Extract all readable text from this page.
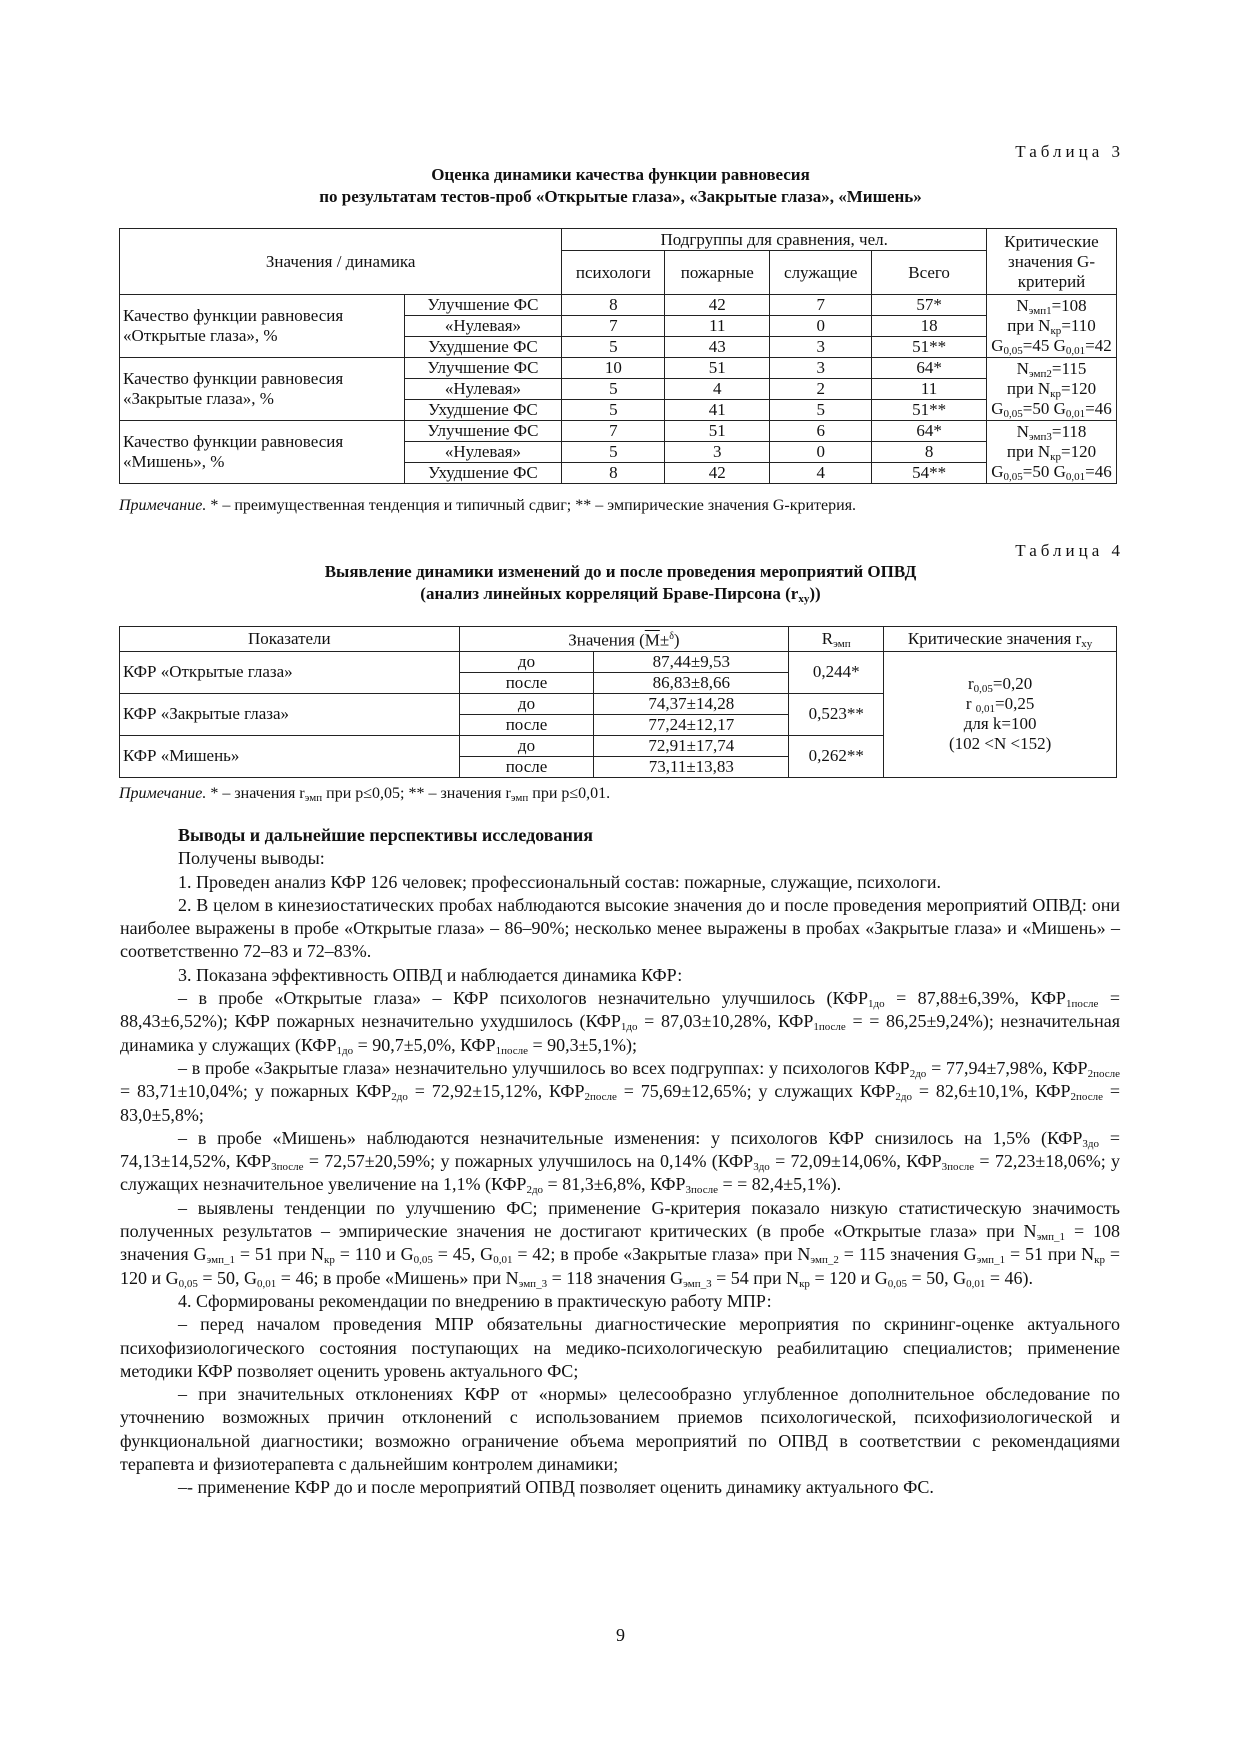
Таблица 3
Оценка динамики качества функции равновесия
по результатам тестов-проб «Открытые глаза», «Закрытые глаза», «Мишень»
Значения / динамика		Подгруппы для сравнения, чел.				Критические значения G-критерий
		психологи	пожарные	служащие	Всего	
Качество функции равновесия «Открытые глаза», %	Улучшение ФС	8	42	7	57*	$N_{эмп1}=108$
при $N_{кр}=110$
$G_{0,05}=45$ $G_{0,01}=42$

	«Нулевая»	7	11	0	18	
	Ухудшение ФС	5	43	3	51**	
Качество функции равновесия «Закрытые глаза», %	Улучшение ФС	10	51	3	64*	$N_{эмп2}=115$
при $N_{кр}=120$
$G_{0,05}=50$ $G_{0,01}=46$

	«Нулевая»	5	4	2	11	
	Ухудшение ФС	5	41	5	51**	
Качество функции равновесия «Мишень», %	Улучшение ФС	7	51	6	64*	$N_{эмп3}=118$
при $N_{кр}=120$
$G_{0,05}=50$ $G_{0,01}=46$

	«Нулевая»	5	3	0	8	
	Ухудшение ФС	8	42	4	54**	
Примечание. * – преимущественная тенденция и типичный сдвиг; ** – эмпирические значения G-критерия.
Таблица 4
Выявление динамики изменений до и после проведения мероприятий ОПВД
(анализ линейных корреляций Браве-Пирсона $(r_{xy})$)
Показатели	Значения $(\overline{M}\pm^\delta)$		$R_{эмп}$	Критические значения $r_{xy}$
КФР «Открытые глаза»	до	87,44±9,53	0,244*	$r_{0,05}=0,20$
r $_{0,01}$=0,25
для k=100
(102 <N <152)

	после	86,83±8,66		
КФР «Закрытые глаза»	до	74,37±14,28	0,523**	
	после	77,24±12,17		
КФР «Мишень»	до	72,91±17,74	0,262**	
	после	73,11±13,83		
Примечание. * – значения $r_{эмп}$ при p≤0,05; ** – значения $r_{эмп}$ при p≤0,01.

Выводы и дальнейшие перспективы исследования

Получены выводы:

1. Проведен анализ КФР 126 человек; профессиональный состав: пожарные, служащие, психологи.

2. В целом в кинезиостатических пробах наблюдаются высокие значения до и после проведения мероприятий ОПВД: они наиболее выражены в пробе «Открытые глаза» – 86–90%; несколько менее выражены в пробах «Закрытые глаза» и «Мишень» – соответственно 72–83 и 72–83%.

3. Показана эффективность ОПВД и наблюдается динамика КФР:

– в пробе «Открытые глаза» – КФР психологов незначительно улучшилось ($КФР_{1до} = 87,88\pm 6,39\%$, $КФР_{1после} = 88,43\pm 6,52\%$); КФР пожарных незначительно ухудшилось ($КФР_{1до} = 87,03\pm 10,28\%$, $КФР_{1после}$ = = 86,25±9,24%); незначительная динамика у служащих ($КФР_{1до} = 90,7\pm 5,0\%$, $КФР_{1после} = 90,3\pm 5,1\%$);

– в пробе «Закрытые глаза» незначительно улучшилось во всех подгруппах: у психологов $КФР_{2до} = 77,94\pm 7,98\%$, $КФР_{2после} = 83,71\pm 10,04\%$; у пожарных $КФР_{2до} = 72,92\pm 15,12\%$, $КФР_{2после} = 75,69\pm 12,65\%$; у служащих $КФР_{2до} = 82,6\pm 10,1\%$, $КФР_{2после} = 83,0\pm 5,8\%$;

– в пробе «Мишень» наблюдаются незначительные изменения: у психологов КФР снизилось на 1,5% ($КФР_{3до} = 74,13\pm 14,52\%$, $КФР_{3после} = 72,57\pm 20,59\%$; у пожарных улучшилось на 0,14% ($КФР_{3до} = 72,09\pm 14,06\%$, $КФР_{3после} = 72,23\pm 18,06\%$; у служащих незначительное увеличение на 1,1% ($КФР_{2до} = 81,3\pm 6,8\%$, $КФР_{3после}$ = = 82,4±5,1%).

– выявлены тенденции по улучшению ФС; применение G-критерия показало низкую статистическую значимость полученных результатов – эмпирические значения не достигают критических (в пробе «Открытые глаза» при $N_{эмп\_1} = 108$ значения $G_{эмп\_1} = 51$ при $N_{кр} = 110$ и $G_{0,05} = 45$, $G_{0,01} = 42$; в пробе «Закрытые глаза» при $N_{эмп\_2} = 115$ значения $G_{эмп\_1} = 51$ при $N_{кр} = 120$ и $G_{0,05} = 50$, $G_{0,01} = 46$; в пробе «Мишень» при $N_{эмп\_3} = 118$ значения $G_{эмп\_3} = 54$ при $N_{кр} = 120$ и $G_{0,05} = 50$, $G_{0,01} = 46$).

4. Сформированы рекомендации по внедрению в практическую работу МПР:

– перед началом проведения МПР обязательны диагностические мероприятия по скрининг-оценке актуального психофизиологического состояния поступающих на медико-психологическую реабилитацию специалистов; применение методики КФР позволяет оценить уровень актуального ФС;

– при значительных отклонениях КФР от «нормы» целесообразно углубленное дополнительное обследование по уточнению возможных причин отклонений с использованием приемов психологической, психофизиологической и функциональной диагностики; возможно ограничение объема мероприятий по ОПВД в соответствии с рекомендациями терапевта и физиотерапевта с дальнейшим контролем динамики;

–- применение КФР до и после мероприятий ОПВД позволяет оценить динамику актуального ФС.

9
